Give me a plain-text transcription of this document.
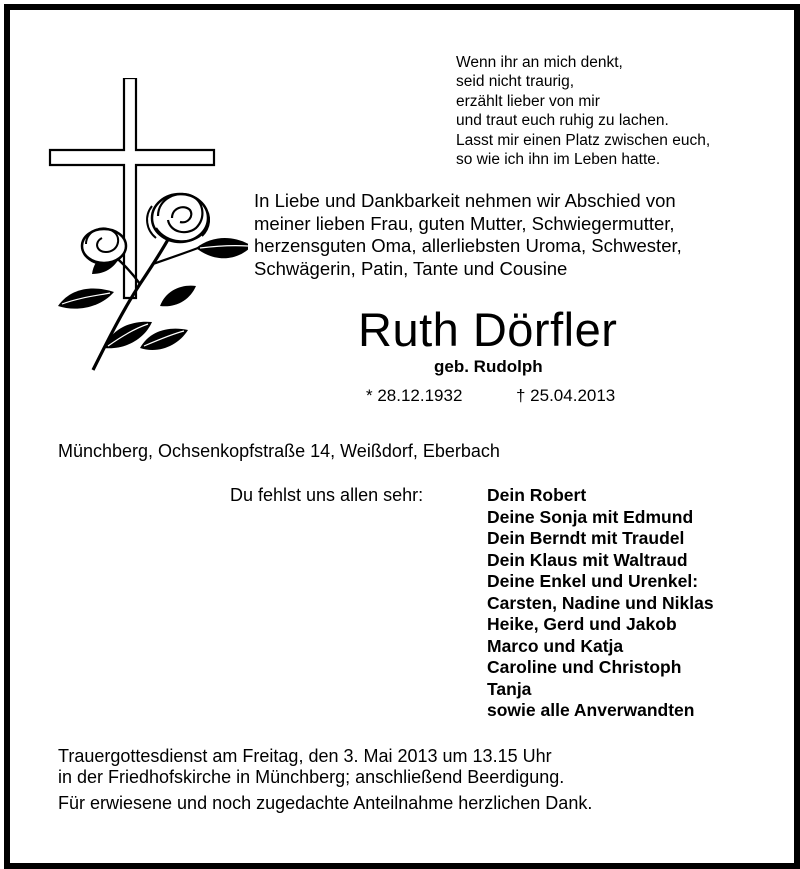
Wenn ihr an mich denkt,
seid nicht traurig,
erzählt lieber von mir
und traut euch ruhig zu lachen.
Lasst mir einen Platz zwischen euch,
so wie ich ihn im Leben hatte.
In Liebe und Dankbarkeit nehmen wir Abschied von
meiner lieben Frau, guten Mutter, Schwiegermutter,
herzensguten Oma, allerliebsten Uroma, Schwester,
Schwägerin, Patin, Tante und Cousine
Ruth Dörfler
geb. Rudolph
* 28.12.1932	† 25.04.2013
Münchberg, Ochsenkopfstraße 14, Weißdorf, Eberbach
Du fehlst uns allen sehr:	Dein Robert
Deine Sonja mit Edmund
Dein Berndt mit Traudel
Dein Klaus mit Waltraud
Deine Enkel und Urenkel:
Carsten, Nadine und Niklas
Heike, Gerd und Jakob
Marco und Katja
Caroline und Christoph
Tanja
sowie alle Anverwandten
Trauergottesdienst am Freitag, den 3. Mai 2013 um 13.15 Uhr
in der Friedhofskirche in Münchberg; anschließend Beerdigung.
Für erwiesene und noch zugedachte Anteilnahme herzlichen Dank.
